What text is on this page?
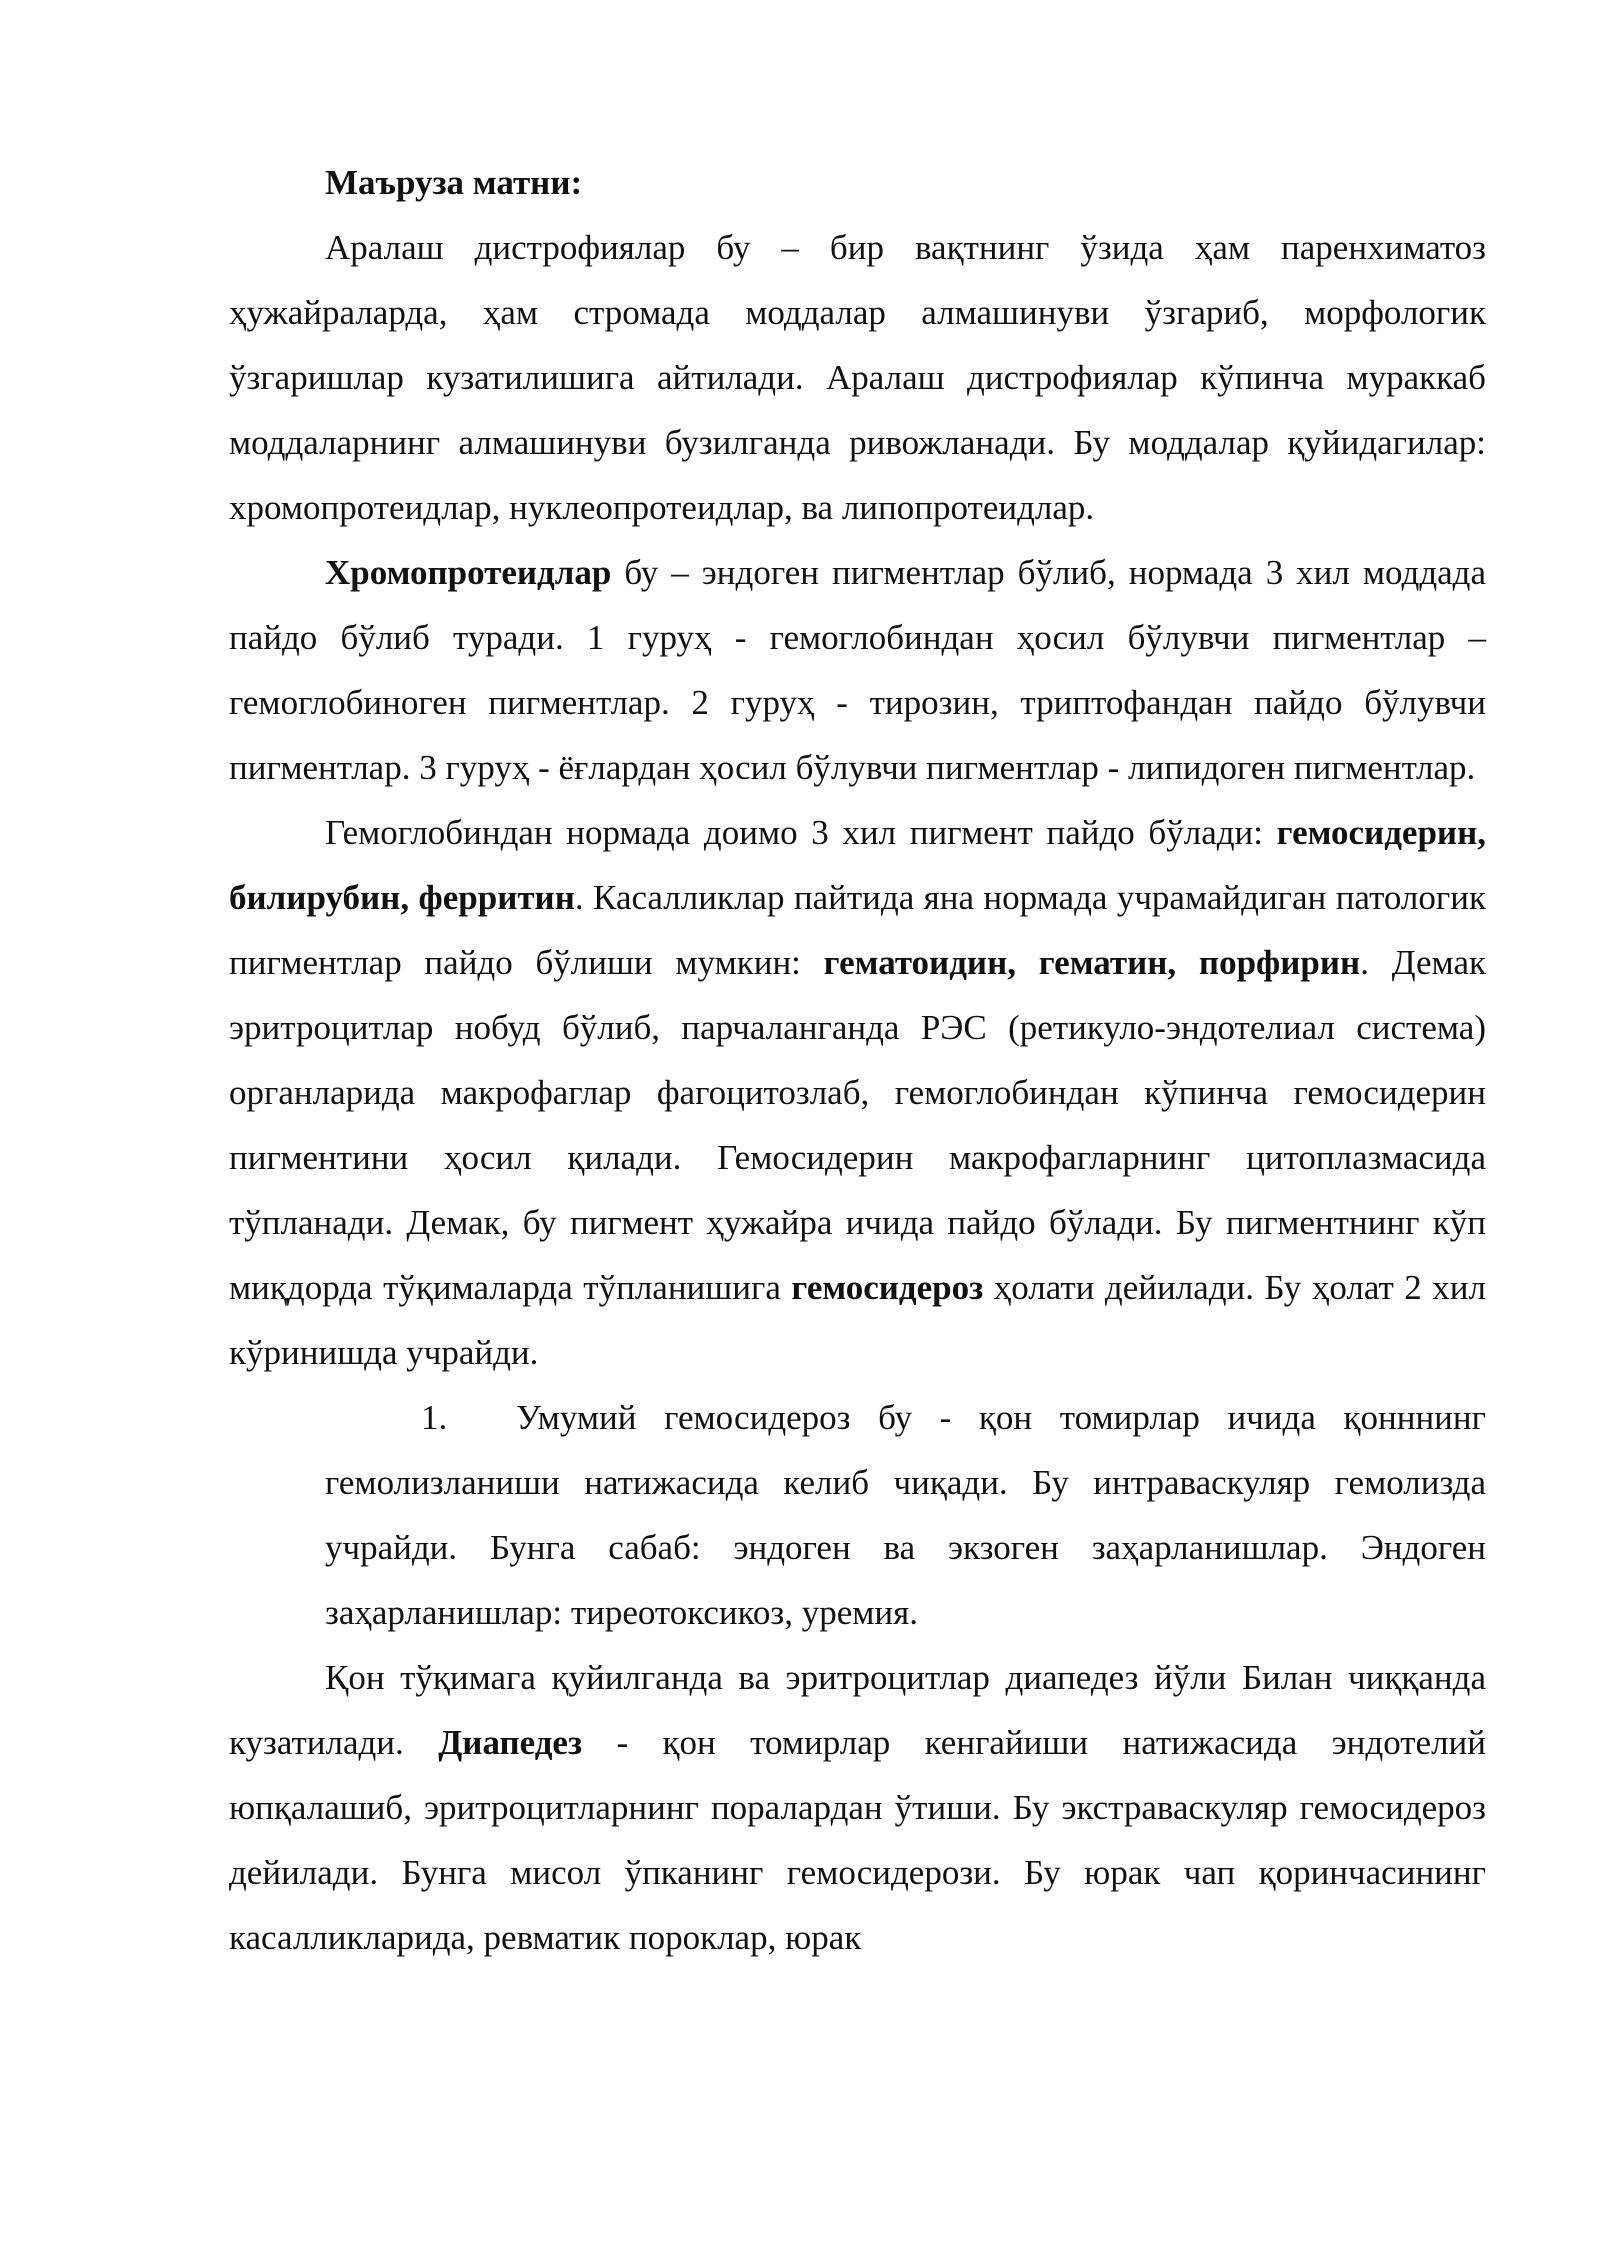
Маъруза матни:

Аралаш дистрофиялар бу – бир вақтнинг ўзида ҳам паренхиматоз ҳужайраларда, ҳам стромада моддалар алмашинуви ўзгариб, морфологик ўзгаришлар кузатилишига айтилади. Аралаш дистрофиялар кўпинча мураккаб моддаларнинг алмашинуви бузилганда ривожланади. Бу моддалар қуйидагилар: хромопротеидлар, нуклеопротеидлар, ва липопротеидлар.

Хромопротеидлар бу – эндоген пигментлар бўлиб, нормада 3 хил моддада пайдо бўлиб туради. 1 гуруҳ - гемоглобиндан ҳосил бўлувчи пигментлар – гемоглобиноген пигментлар. 2 гуруҳ - тирозин, триптофандан пайдо бўлувчи пигментлар. 3 гуруҳ - ёғлардан ҳосил бўлувчи пигментлар - липидоген пигментлар.

Гемоглобиндан нормада доимо 3 хил пигмент пайдо бўлади: гемосидерин, билирубин, ферритин. Касалликлар пайтида яна нормада учрамайдиган патологик пигментлар пайдо бўлиши мумкин: гематоидин, гематин, порфирин. Демак эритроцитлар нобуд бўлиб, парчаланганда РЭС (ретикуло-эндотелиал система) органларида макрофаглар фагоцитозлаб, гемоглобиндан кўпинча гемосидерин пигментини ҳосил қилади. Гемосидерин макрофагларнинг цитоплазмасида тўпланади. Демак, бу пигмент ҳужайра ичида пайдо бўлади. Бу пигментнинг кўп миқдорда тўқималарда тўпланишига гемосидероз ҳолати дейилади. Бу ҳолат 2 хил кўринишда учрайди.

1. Умумий гемосидероз бу - қон томирлар ичида қонннинг гемолизланиши натижасида келиб чиқади. Бу интраваскуляр гемолизда учрайди. Бунга сабаб: эндоген ва экзоген заҳарланишлар. Эндоген заҳарланишлар: тиреотоксикоз, уремия.

Қон тўқимага қуйилганда ва эритроцитлар диапедез йўли Билан чиққанда кузатилади. Диапедез - қон томирлар кенгайиши натижасида эндотелий юпқалашиб, эритроцитларнинг поралардан ўтиши. Бу экстраваскуляр гемосидероз дейилади. Бунга мисол ўпканинг гемосидерози. Бу юрак чап қоринчасининг касалликларида, ревматик пороклар, юрак
